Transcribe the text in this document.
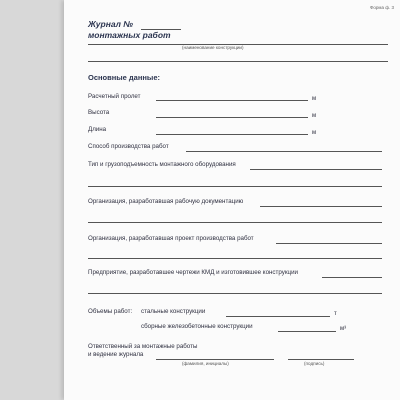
Форма ф. 3
Журнал №
монтажных работ
(наименование конструкции)
Основные данные:
Расчетный пролет	м
Высота	м
Длина	м
Способ производства работ
Тип и грузоподъемность монтажного оборудования
Организация, разработавшая рабочую документацию
Организация, разработавшая проект производства работ
Предприятие, разработавшее чертежи КМД и изготовившее конструкции
Объемы работ: стальные конструкции	т
сборные железобетонные конструкции	м³
Ответственный за монтажные работы
и ведение журнала
(фамилия, инициалы)	(подпись)
